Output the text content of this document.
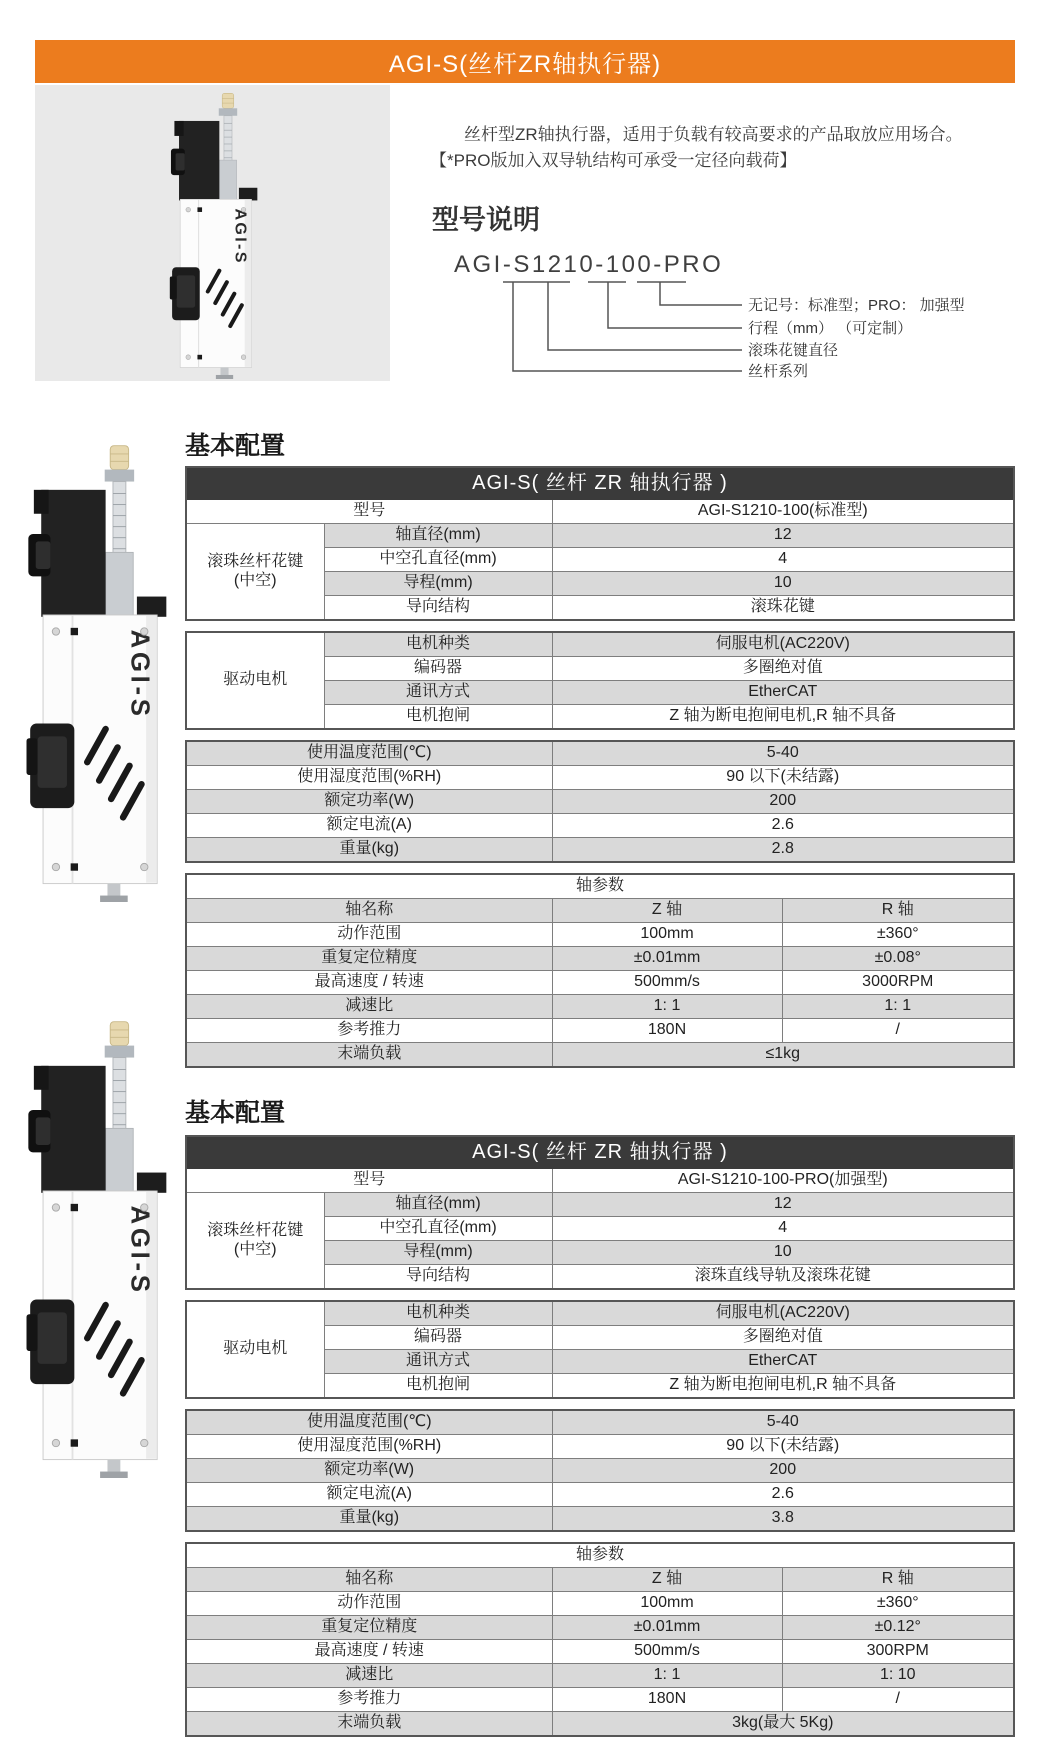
AGI-S(丝杆ZR轴执行器)
丝杆型ZR轴执行器，适用于负载有较高要求的产品取放应用场合。
【*PRO版加入双导轨结构可承受一定径向载荷】
型号说明
AGI-S1210-100-PRO
无记号：标准型；PRO： 加强型
行程（mm） （可定制）
滚珠花键直径
丝杆系列
基本配置
AGI-S( 丝杆 ZR 轴执行器 )		
型号		AGI-S1210-100(标准型)

滚珠丝杆花键
(中空)	轴直径(mm)	12
	中空孔直径(mm)	4
	导程(mm)	10
	导向结构	滚珠花键
驱动电机	电机种类	伺服电机(AC220V)
	编码器	多圈绝对值
	通讯方式	EtherCAT
	电机抱闸	Z 轴为断电抱闸电机,R 轴不具备
使用温度范围(℃)	5-40
使用湿度范围(%RH)	90 以下(未结露)
额定功率(W)	200
额定电流(A)	2.6
重量(kg)	2.8
轴参数		
轴名称	Z 轴	R 轴
动作范围	100mm	±360°
重复定位精度	±0.01mm	±0.08°
最高速度 / 转速	500mm/s	3000RPM
减速比	1: 1	1: 1
参考推力	180N	/
末端负载	≤1kg	
基本配置
AGI-S( 丝杆 ZR 轴执行器 )		
型号		AGI-S1210-100-PRO(加强型)

滚珠丝杆花键
(中空)	轴直径(mm)	12
	中空孔直径(mm)	4
	导程(mm)	10
	导向结构	滚珠直线导轨及滚珠花键
驱动电机	电机种类	伺服电机(AC220V)
	编码器	多圈绝对值
	通讯方式	EtherCAT
	电机抱闸	Z 轴为断电抱闸电机,R 轴不具备
使用温度范围(℃)	5-40
使用湿度范围(%RH)	90 以下(未结露)
额定功率(W)	200
额定电流(A)	2.6
重量(kg)	3.8
轴参数		
轴名称	Z 轴	R 轴
动作范围	100mm	±360°
重复定位精度	±0.01mm	±0.12°
最高速度 / 转速	500mm/s	300RPM
减速比	1: 1	1: 10
参考推力	180N	/
末端负载	3kg(最大 5Kg)	
